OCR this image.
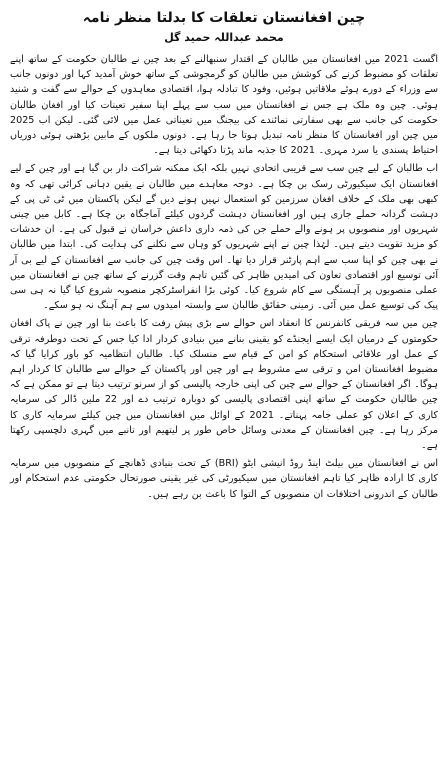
چین افغانستان تعلقات کا بدلتا منظر نامہ
محمد عبداللہ حمید گل

اگست 2021 میں افغانستان میں طالبان کے اقتدار سنبھالنے کے بعد چین نے طالبان حکومت کے ساتھ اپنے تعلقات کو مضبوط کرنے کی کوشش میں طالبان کو گرمجوشی کے ساتھ خوش آمدید کہا اور دونوں جانب سے وزراء کے دورے ہوئے ملاقاتیں ہوئیں، وفود کا تبادلہ ہوا، اقتصادی معاہدوں کے حوالے سے گفت و شنید ہوئی۔ چین وہ ملک ہے جس نے افغانستان میں سب سے پہلے اپنا سفیر تعینات کیا اور افغان طالبان حکومت کی جانب سے بھی سفارتی نمائندے کی بیجنگ میں تعیناتی عمل میں لائی گئی۔ لیکن اب 2025 میں چین اور افغانستان کا منظر نامہ تبدیل ہوتا جا رہا ہے۔ دونوں ملکوں کے مابین بڑھتی ہوئی دوریاں احتیاط پسندی یا سرد مہری۔ 2021 کا جذبہ ماند پڑتا دکھائی دیتا ہے۔

اب طالبان کے لیے چین سب سے قریبی اتحادی نہیں بلکہ ایک ممکنہ شراکت دار بن گیا ہے اور چین کے لیے افغانستان ایک سیکیورٹی رسک بن چکا ہے۔ دوحہ معاہدے میں طالبان نے یقین دہانی کرائی تھی کہ وہ کبھی بھی ملک کے خلاف افغان سرزمین کو استعمال نہیں ہونے دیں گے لیکن پاکستان میں ٹی ٹی پی کے دہشت گردانہ حملے جاری ہیں اور افغانستان دہشت گردوں کیلئے آماجگاہ بن چکا ہے۔ کابل میں چینی شہریوں اور منصوبوں پر ہونے والے حملے جن کی ذمہ داری داعش خراسان نے قبول کی ہے۔ ان خدشات کو مزید تقویت دیتے ہیں۔ لہٰذا چین نے اپنے شہریوں کو وہاں سے نکلنے کی ہدایت کی۔ ابتدا میں طالبان نے بھی چین کو اپنا سب سے اہم پارٹنر قرار دیا تھا۔ اس وقت چین کی جانب سے افغانستان کے لیے بی آر آئی توسیع اور اقتصادی تعاون کی امیدیں ظاہر کی گئیں تاہم وقت گزرنے کے ساتھ چین نے افغانستان میں عملی منصوبوں پر آہستگی سے کام شروع کیا۔ کوئی بڑا انفراسٹرکچر منصوبہ شروع کیا گیا نہ ہی سی پیک کی توسیع عمل میں آئی۔ زمینی حقائق طالبان سے وابستہ امیدوں سے ہم آہنگ نہ ہو سکے۔

چین میں سہ فریقی کانفرنس کا انعقاد اس حوالے سے بڑی پیش رفت کا باعث بنا اور چین نے پاک افغان حکومتوں کے درمیان ایک ایسے ایجنڈے کو یقینی بنانے میں بنیادی کردار ادا کیا جس کے تحت دوطرفہ ترقی کے عمل اور علاقائی استحکام کو امن کے قیام سے منسلک کیا۔ طالبان انتظامیہ کو باور کرایا گیا کہ مضبوط افغانستان امن و ترقی سے مشروط ہے اور چین اور پاکستان کے حوالے سے طالبان کا کردار اہم ہوگا۔ اگر افغانستان کے حوالے سے چین کی اپنی خارجہ پالیسی کو از سرنو ترتیب دیتا ہے تو ممکن ہے کہ چین طالبان حکومت کے ساتھ اپنی اقتصادی پالیسی کو دوبارہ ترتیب دے اور 22 ملین ڈالر کی سرمایہ کاری کے اعلان کو عملی جامہ پہناتے۔ 2021 کے اوائل میں افغانستان میں چین کیلئے سرمایہ کاری کا مرکز رہا ہے۔ چین افغانستان کے معدنی وسائل خاص طور پر لیتھیم اور تانبے میں گہری دلچسپی رکھتا ہے۔

اس نے افغانستان میں بیلٹ اینڈ روڈ انیشی ایٹو (BRI) کے تحت بنیادی ڈھانچے کے منصوبوں میں سرمایہ کاری کا ارادہ ظاہر کیا تاہم افغانستان میں سیکیورٹی کی غیر یقینی صورتحال حکومتی عدم استحکام اور طالبان کے اندرونی اختلافات ان منصوبوں کے التوا کا باعث بن رہے ہیں۔
